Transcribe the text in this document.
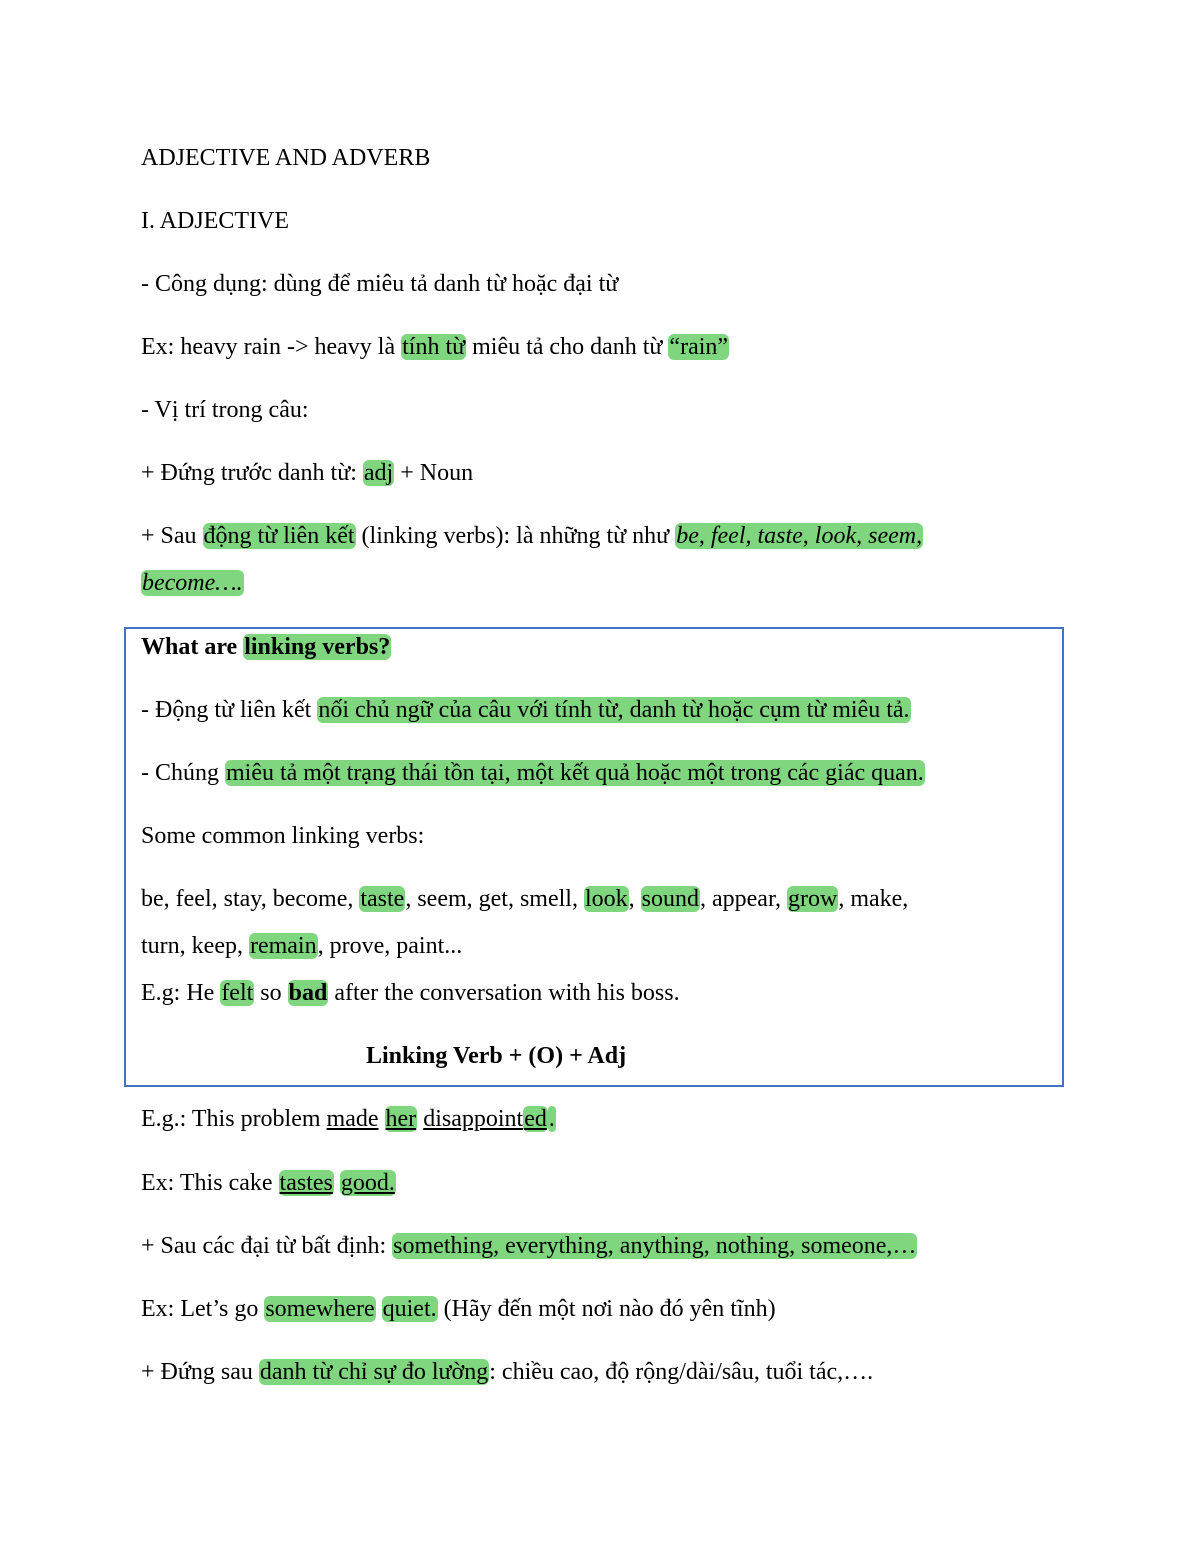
ADJECTIVE AND ADVERB
I. ADJECTIVE
- Công dụng: dùng để miêu tả danh từ hoặc đại từ
Ex: heavy rain -> heavy là tính từ miêu tả cho danh từ “rain”
- Vị trí trong câu:
+ Đứng trước danh từ: adj + Noun
+ Sau động từ liên kết (linking verbs): là những từ như be, feel, taste, look, seem,
become….
What are linking verbs?
- Động từ liên kết nối chủ ngữ của câu với tính từ, danh từ hoặc cụm từ miêu tả.
- Chúng miêu tả một trạng thái tồn tại, một kết quả hoặc một trong các giác quan.
Some common linking verbs:
be, feel, stay, become, taste, seem, get, smell, look, sound, appear, grow, make,
turn, keep, remain, prove, paint...
E.g: He felt so bad after the conversation with his boss.
Linking Verb + (O) + Adj
E.g.: This problem made her disappointed.
Ex: This cake tastes good.
+ Sau các đại từ bất định: something, everything, anything, nothing, someone,…
Ex: Let’s go somewhere quiet. (Hãy đến một nơi nào đó yên tĩnh)
+ Đứng sau danh từ chỉ sự đo lường: chiều cao, độ rộng/dài/sâu, tuổi tác,….
